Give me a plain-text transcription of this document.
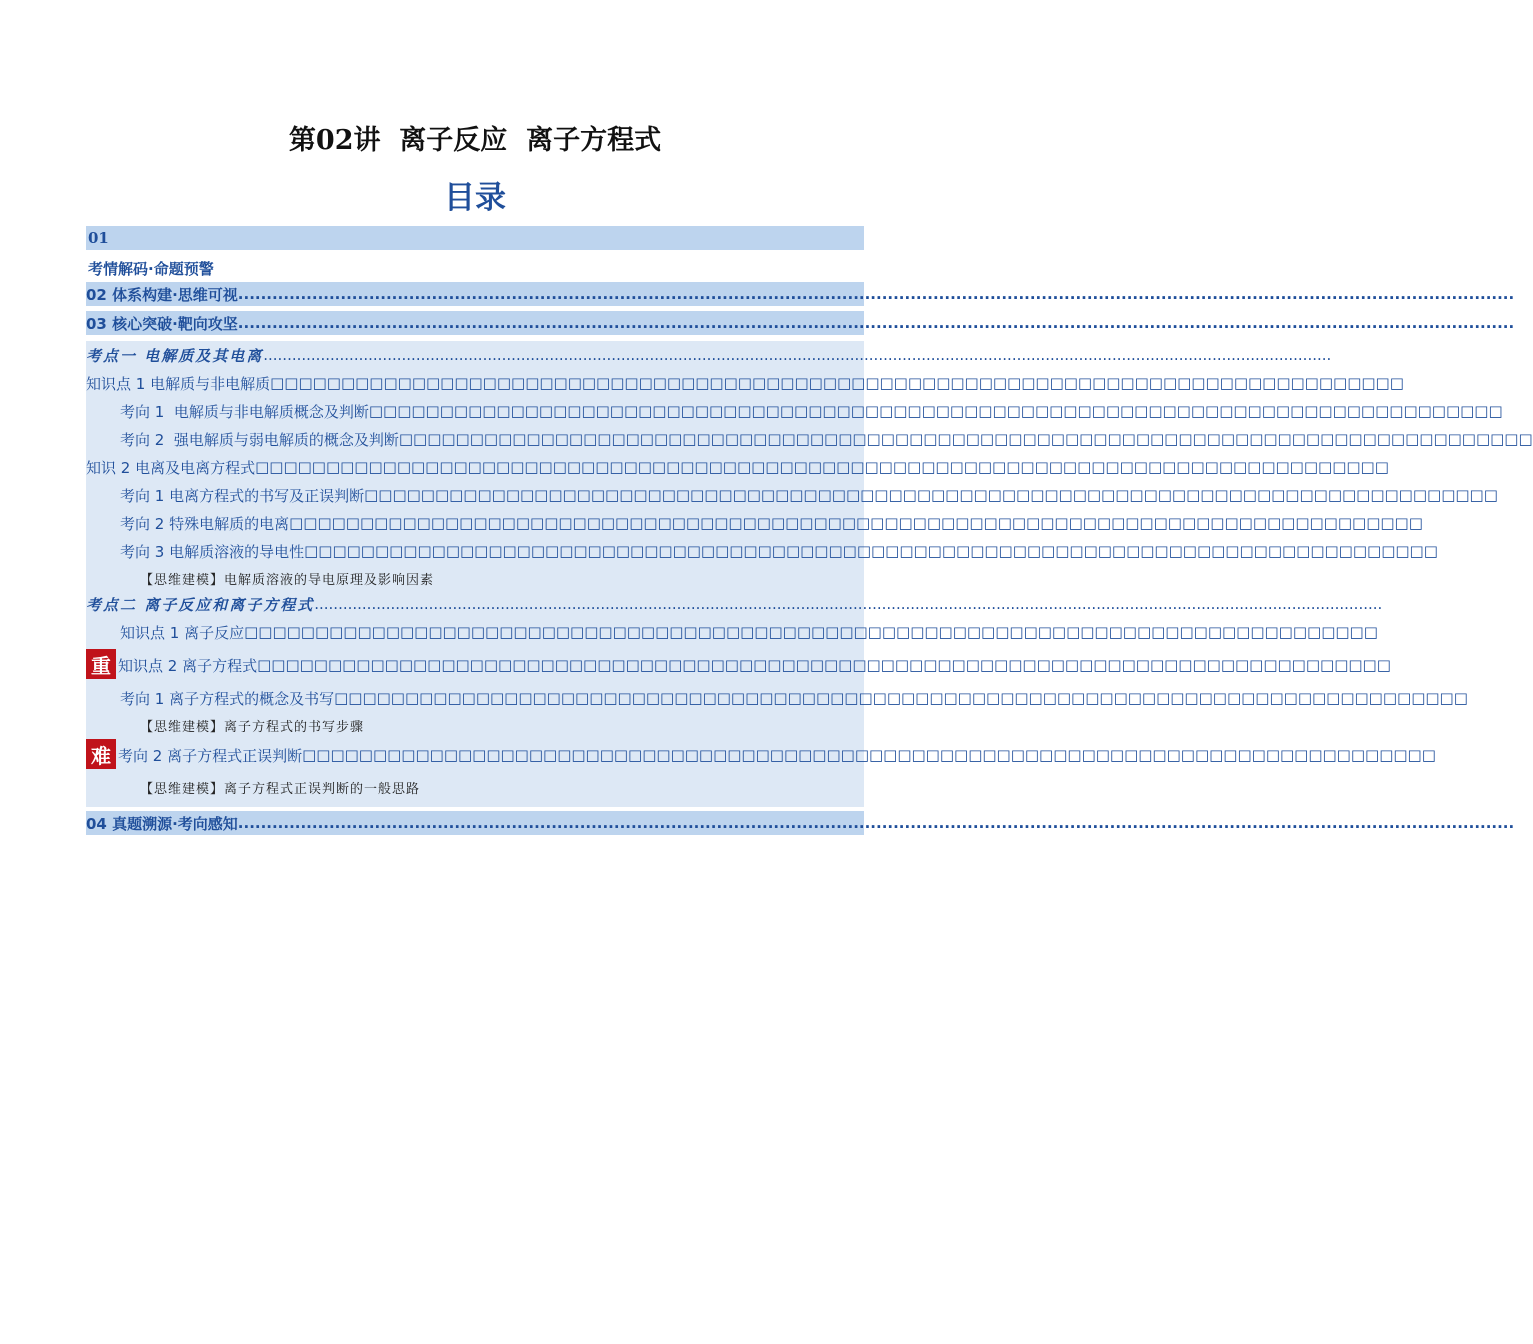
第02讲  离子反应  离子方程式
目录
01
考情解码·命题预警
02 体系构建·思维可视 ................................................................................................................................................................................................................................
03 核心突破·靶向攻坚 ................................................................................................................................................................................................................................
考点一 电解质及其电离 ................................................................................................................................................................................................................................
知识点 1 电解质与非电解质 □□□□□□□□□□□□□□□□□□□□□□□□□□□□□□□□□□□□□□□□□□□□□□□□□□□□□□□□□□□□□□□□□□□□□□□□□□□□□□□□
考向 1  电解质与非电解质概念及判断 □□□□□□□□□□□□□□□□□□□□□□□□□□□□□□□□□□□□□□□□□□□□□□□□□□□□□□□□□□□□□□□□□□□□□□□□□□□□□□□□
考向 2  强电解质与弱电解质的概念及判断 □□□□□□□□□□□□□□□□□□□□□□□□□□□□□□□□□□□□□□□□□□□□□□□□□□□□□□□□□□□□□□□□□□□□□□□□□□□□□□□□
知识 2 电离及电离方程式 □□□□□□□□□□□□□□□□□□□□□□□□□□□□□□□□□□□□□□□□□□□□□□□□□□□□□□□□□□□□□□□□□□□□□□□□□□□□□□□□
考向 1 电离方程式的书写及正误判断 □□□□□□□□□□□□□□□□□□□□□□□□□□□□□□□□□□□□□□□□□□□□□□□□□□□□□□□□□□□□□□□□□□□□□□□□□□□□□□□□
考向 2 特殊电解质的电离 □□□□□□□□□□□□□□□□□□□□□□□□□□□□□□□□□□□□□□□□□□□□□□□□□□□□□□□□□□□□□□□□□□□□□□□□□□□□□□□□
考向 3 电解质溶液的导电性 □□□□□□□□□□□□□□□□□□□□□□□□□□□□□□□□□□□□□□□□□□□□□□□□□□□□□□□□□□□□□□□□□□□□□□□□□□□□□□□□
【思维建模】电解质溶液的导电原理及影响因素
考点二 离子反应和离子方程式 ................................................................................................................................................................................................................................
知识点 1 离子反应 □□□□□□□□□□□□□□□□□□□□□□□□□□□□□□□□□□□□□□□□□□□□□□□□□□□□□□□□□□□□□□□□□□□□□□□□□□□□□□□□
重 知识点 2 离子方程式 □□□□□□□□□□□□□□□□□□□□□□□□□□□□□□□□□□□□□□□□□□□□□□□□□□□□□□□□□□□□□□□□□□□□□□□□□□□□□□□□
考向 1 离子方程式的概念及书写 □□□□□□□□□□□□□□□□□□□□□□□□□□□□□□□□□□□□□□□□□□□□□□□□□□□□□□□□□□□□□□□□□□□□□□□□□□□□□□□□
【思维建模】离子方程式的书写步骤
难 考向 2 离子方程式正误判断 □□□□□□□□□□□□□□□□□□□□□□□□□□□□□□□□□□□□□□□□□□□□□□□□□□□□□□□□□□□□□□□□□□□□□□□□□□□□□□□□
【思维建模】离子方程式正误判断的一般思路
04 真题溯源·考向感知 ................................................................................................................................................................................................................................
